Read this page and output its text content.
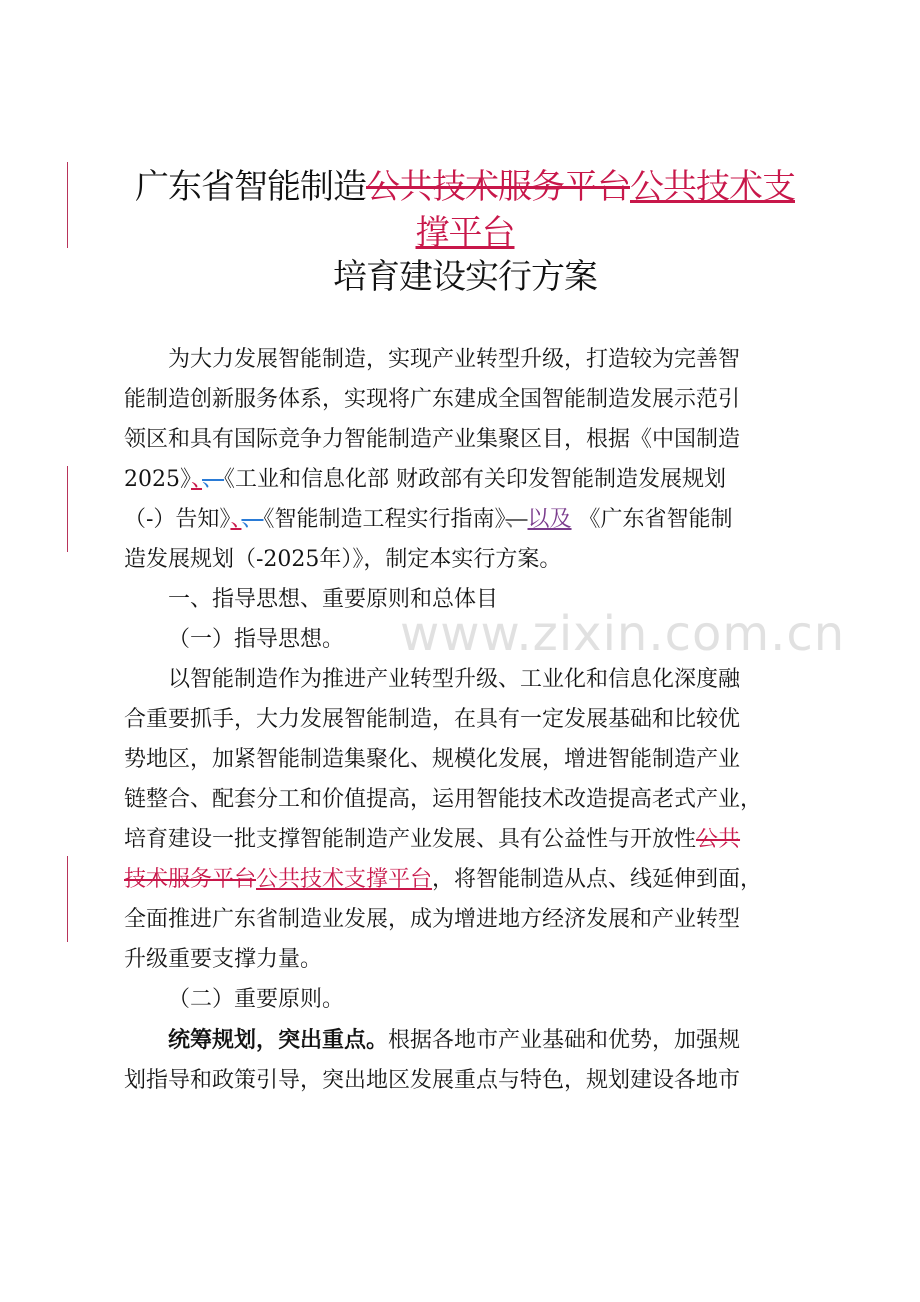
广东省智能制造公共技术服务平台公共技术支
撑平台
培育建设实行方案

为大力发展智能制造，实现产业转型升级，打造较为完善智

能制造创新服务体系，实现将广东建成全国智能制造发展示范引
领区和具有国际竞争力智能制造产业集聚区目，根据《中国制造
2025》、、《工业和信息化部 财政部有关印发智能制造发展规划
（-）告知》、、《智能制造工程实行指南》、以及 《广东省智能制
造发展规划（-2025年）》，制定本实行方案。

一、指导思想、重要原则和总体目

（一）指导思想。

以智能制造作为推进产业转型升级、工业化和信息化深度融

合重要抓手，大力发展智能制造，在具有一定发展基础和比较优
势地区，加紧智能制造集聚化、规模化发展，增进智能制造产业
链整合、配套分工和价值提高，运用智能技术改造提高老式产业，
培育建设一批支撑智能制造产业发展、具有公益性与开放性公共
技术服务平台公共技术支撑平台，将智能制造从点、线延伸到面，
全面推进广东省制造业发展，成为增进地方经济发展和产业转型
升级重要支撑力量。

（二）重要原则。

统筹规划，突出重点。根据各地市产业基础和优势，加强规

划指导和政策引导，突出地区发展重点与特色，规划建设各地市
www.zixin.com.cn
